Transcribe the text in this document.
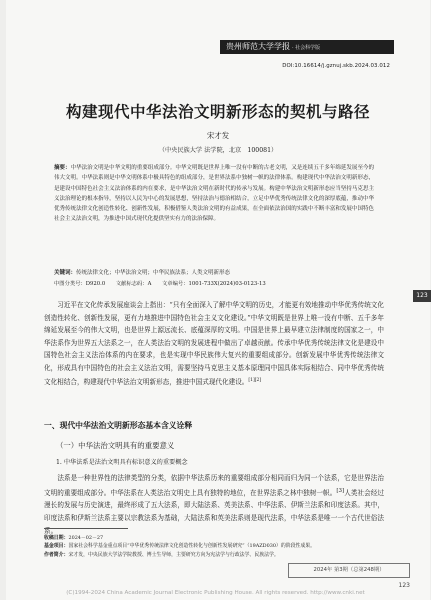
贵州师范大学学报 · 社会科学版
DOI:10.16614/j.gznuj.skb.2024.03.012
构建现代中华法治文明新形态的契机与路径
宋才发
（中央民族大学 法学院，北京　100081）

摘要：中华法治文明是中华文明的重要组成部分。中华文明既是世界上唯一没有中断的古老文明，又是连续五千多年绵延发展至今的伟大文明。中华法系则是中华文明体系中极具特色的组成部分，是世界法系中独树一帜的法律体系。构建现代中华法治文明新形态，是建设中国特色社会主义法治体系的内在要求，是中华法治文明在新时代的传承与发展。构建中华法治文明新形态应当坚持马克思主义法治理论的根本指导，坚持以人民为中心的发展思想，坚持法治与德治相结合，立足中华优秀传统法律文化的深厚底蕴，推动中华优秀传统法律文化创造性转化、创新性发展，积极借鉴人类法治文明的有益成果，在全面依法治国的实践中不断丰富和发展中国特色社会主义法治文明，为推进中国式现代化提供坚实有力的法治保障。

关键词：传统法律文化；中华法治文明；中华民族法系；人类文明新形态
中图分类号：D920.0　　文献标志码：A　　文章编号：1001-733X(2024)03-0123-13

　　习近平在文化传承发展座谈会上指出：“只有全面深入了解中华文明的历史，才能更有效地推动中华优秀传统文化创造性转化、创新性发展，更有力地推进中国特色社会主义文化建设。”中华文明既是世界上唯一没有中断、五千多年绵延发展至今的伟大文明，也是世界上源远流长、底蕴深厚的文明。中国是世界上最早建立法律制度的国家之一，中华法系作为世界五大法系之一，在人类法治文明的发展进程中做出了卓越贡献。传承中华优秀传统法律文化是建设中国特色社会主义法治体系的内在要求，也是实现中华民族伟大复兴的重要组成部分。创新发展中华优秀传统法律文化，形成具有中国特色的社会主义法治文明，需要坚持马克思主义基本原理同中国具体实际相结合、同中华优秀传统文化相结合，构建现代中华法治文明新形态，推进中国式现代化建设。[1][2]

一、现代中华法治文明新形态基本含义诠释
（一）中华法治文明具有的重要意义
1. 中华法系是法治文明具有标识意义的重要概念

　　法系是一种世界性的法律类型的分类，依据中华法系历来的重要组成部分相同而归为同一个法系，它是世界法治文明的重要组成部分。中华法系在人类法治文明史上具有独特的地位，在世界法系之林中独树一帜。[3]人类社会经过漫长的发展与历史演进，最终形成了五大法系，即大陆法系、英美法系、中华法系、伊斯兰法系和印度法系。其中，印度法系和伊斯兰法系主要以宗教法系为基础，大陆法系和英美法系则是现代法系，中华法系是唯一一个古代世俗法系。

收稿日期：2024－02－27
基金项目：国家社会科学基金重点项目“中华优秀传统法律文化创造性转化与创新性发展研究”（19AZD030）的阶段性成果。
作者简介：宋才发，中央民族大学法学院教授、博士生导师，主要研究方向为宪法学与行政法学、民族法学。

2024年 第3期（总第248期）
123
123
(C)1994-2024 China Academic Journal Electronic Publishing House. All rights reserved. http://www.cnki.net
